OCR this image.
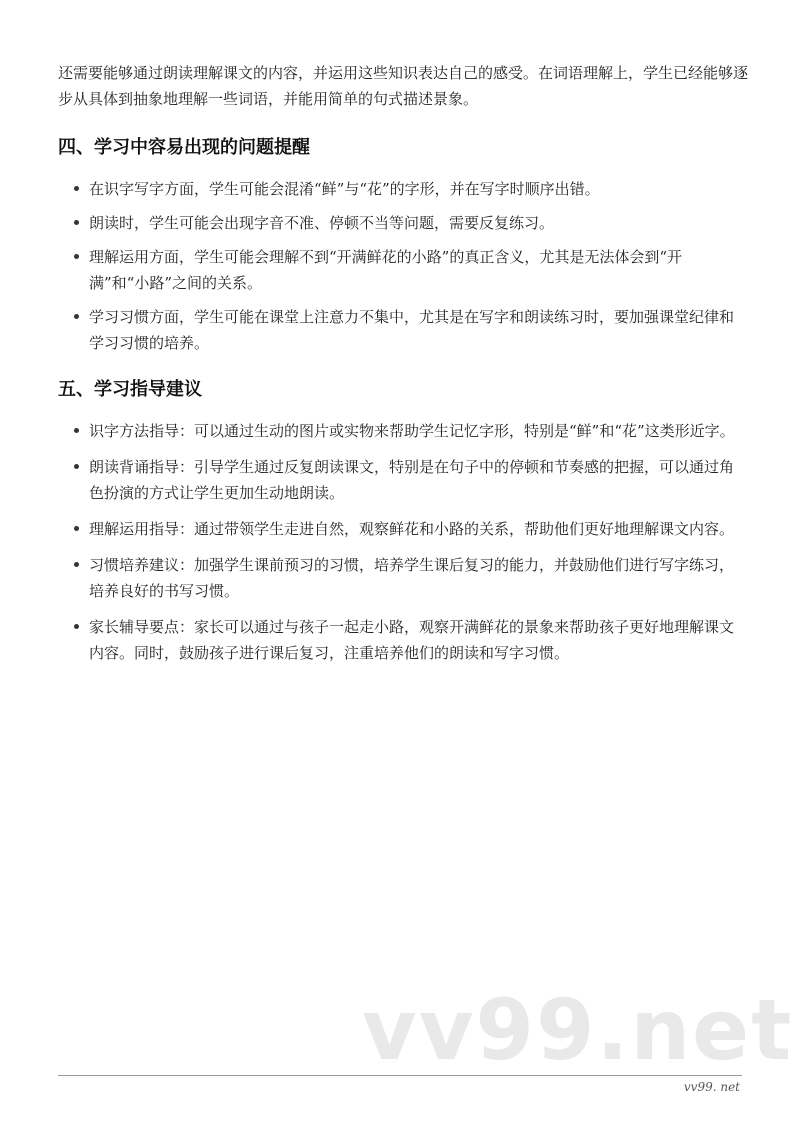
还需要能够通过朗读理解课文的内容，并运用这些知识表达自己的感受。在词语理解上，学生已经能够逐步从具体到抽象地理解一些词语，并能用简单的句式描述景象。

四、学习中容易出现的问题提醒
在识字写字方面，学生可能会混淆“鲜”与“花”的字形，并在写字时顺序出错。
朗读时，学生可能会出现字音不准、停顿不当等问题，需要反复练习。
理解运用方面，学生可能会理解不到“开满鲜花的小路”的真正含义，尤其是无法体会到“开满”和“小路”之间的关系。
学习习惯方面，学生可能在课堂上注意力不集中，尤其是在写字和朗读练习时，要加强课堂纪律和学习习惯的培养。
五、学习指导建议
识字方法指导：可以通过生动的图片或实物来帮助学生记忆字形，特别是“鲜”和“花”这类形近字。
朗读背诵指导：引导学生通过反复朗读课文，特别是在句子中的停顿和节奏感的把握，可以通过角色扮演的方式让学生更加生动地朗读。
理解运用指导：通过带领学生走进自然，观察鲜花和小路的关系，帮助他们更好地理解课文内容。
习惯培养建议：加强学生课前预习的习惯，培养学生课后复习的能力，并鼓励他们进行写字练习，培养良好的书写习惯。
家长辅导要点：家长可以通过与孩子一起走小路，观察开满鲜花的景象来帮助孩子更好地理解课文内容。同时，鼓励孩子进行课后复习，注重培养他们的朗读和写字习惯。
vv99.net
vv99. net
